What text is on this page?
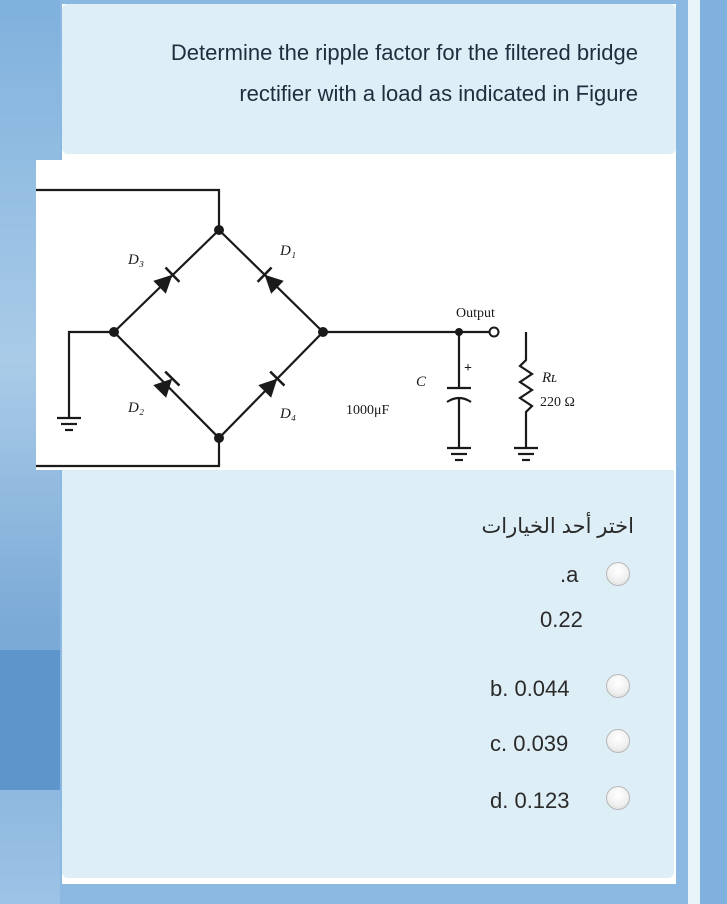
Determine the ripple factor for the filtered bridge rectifier with a load as indicated in Figure
D₃
D₁
D₂	D₄
Output
C
+
1000μF
Rʟ
220 Ω
اختر أحد الخيارات
.a
0.22
b. 0.044
c. 0.039
d. 0.123
